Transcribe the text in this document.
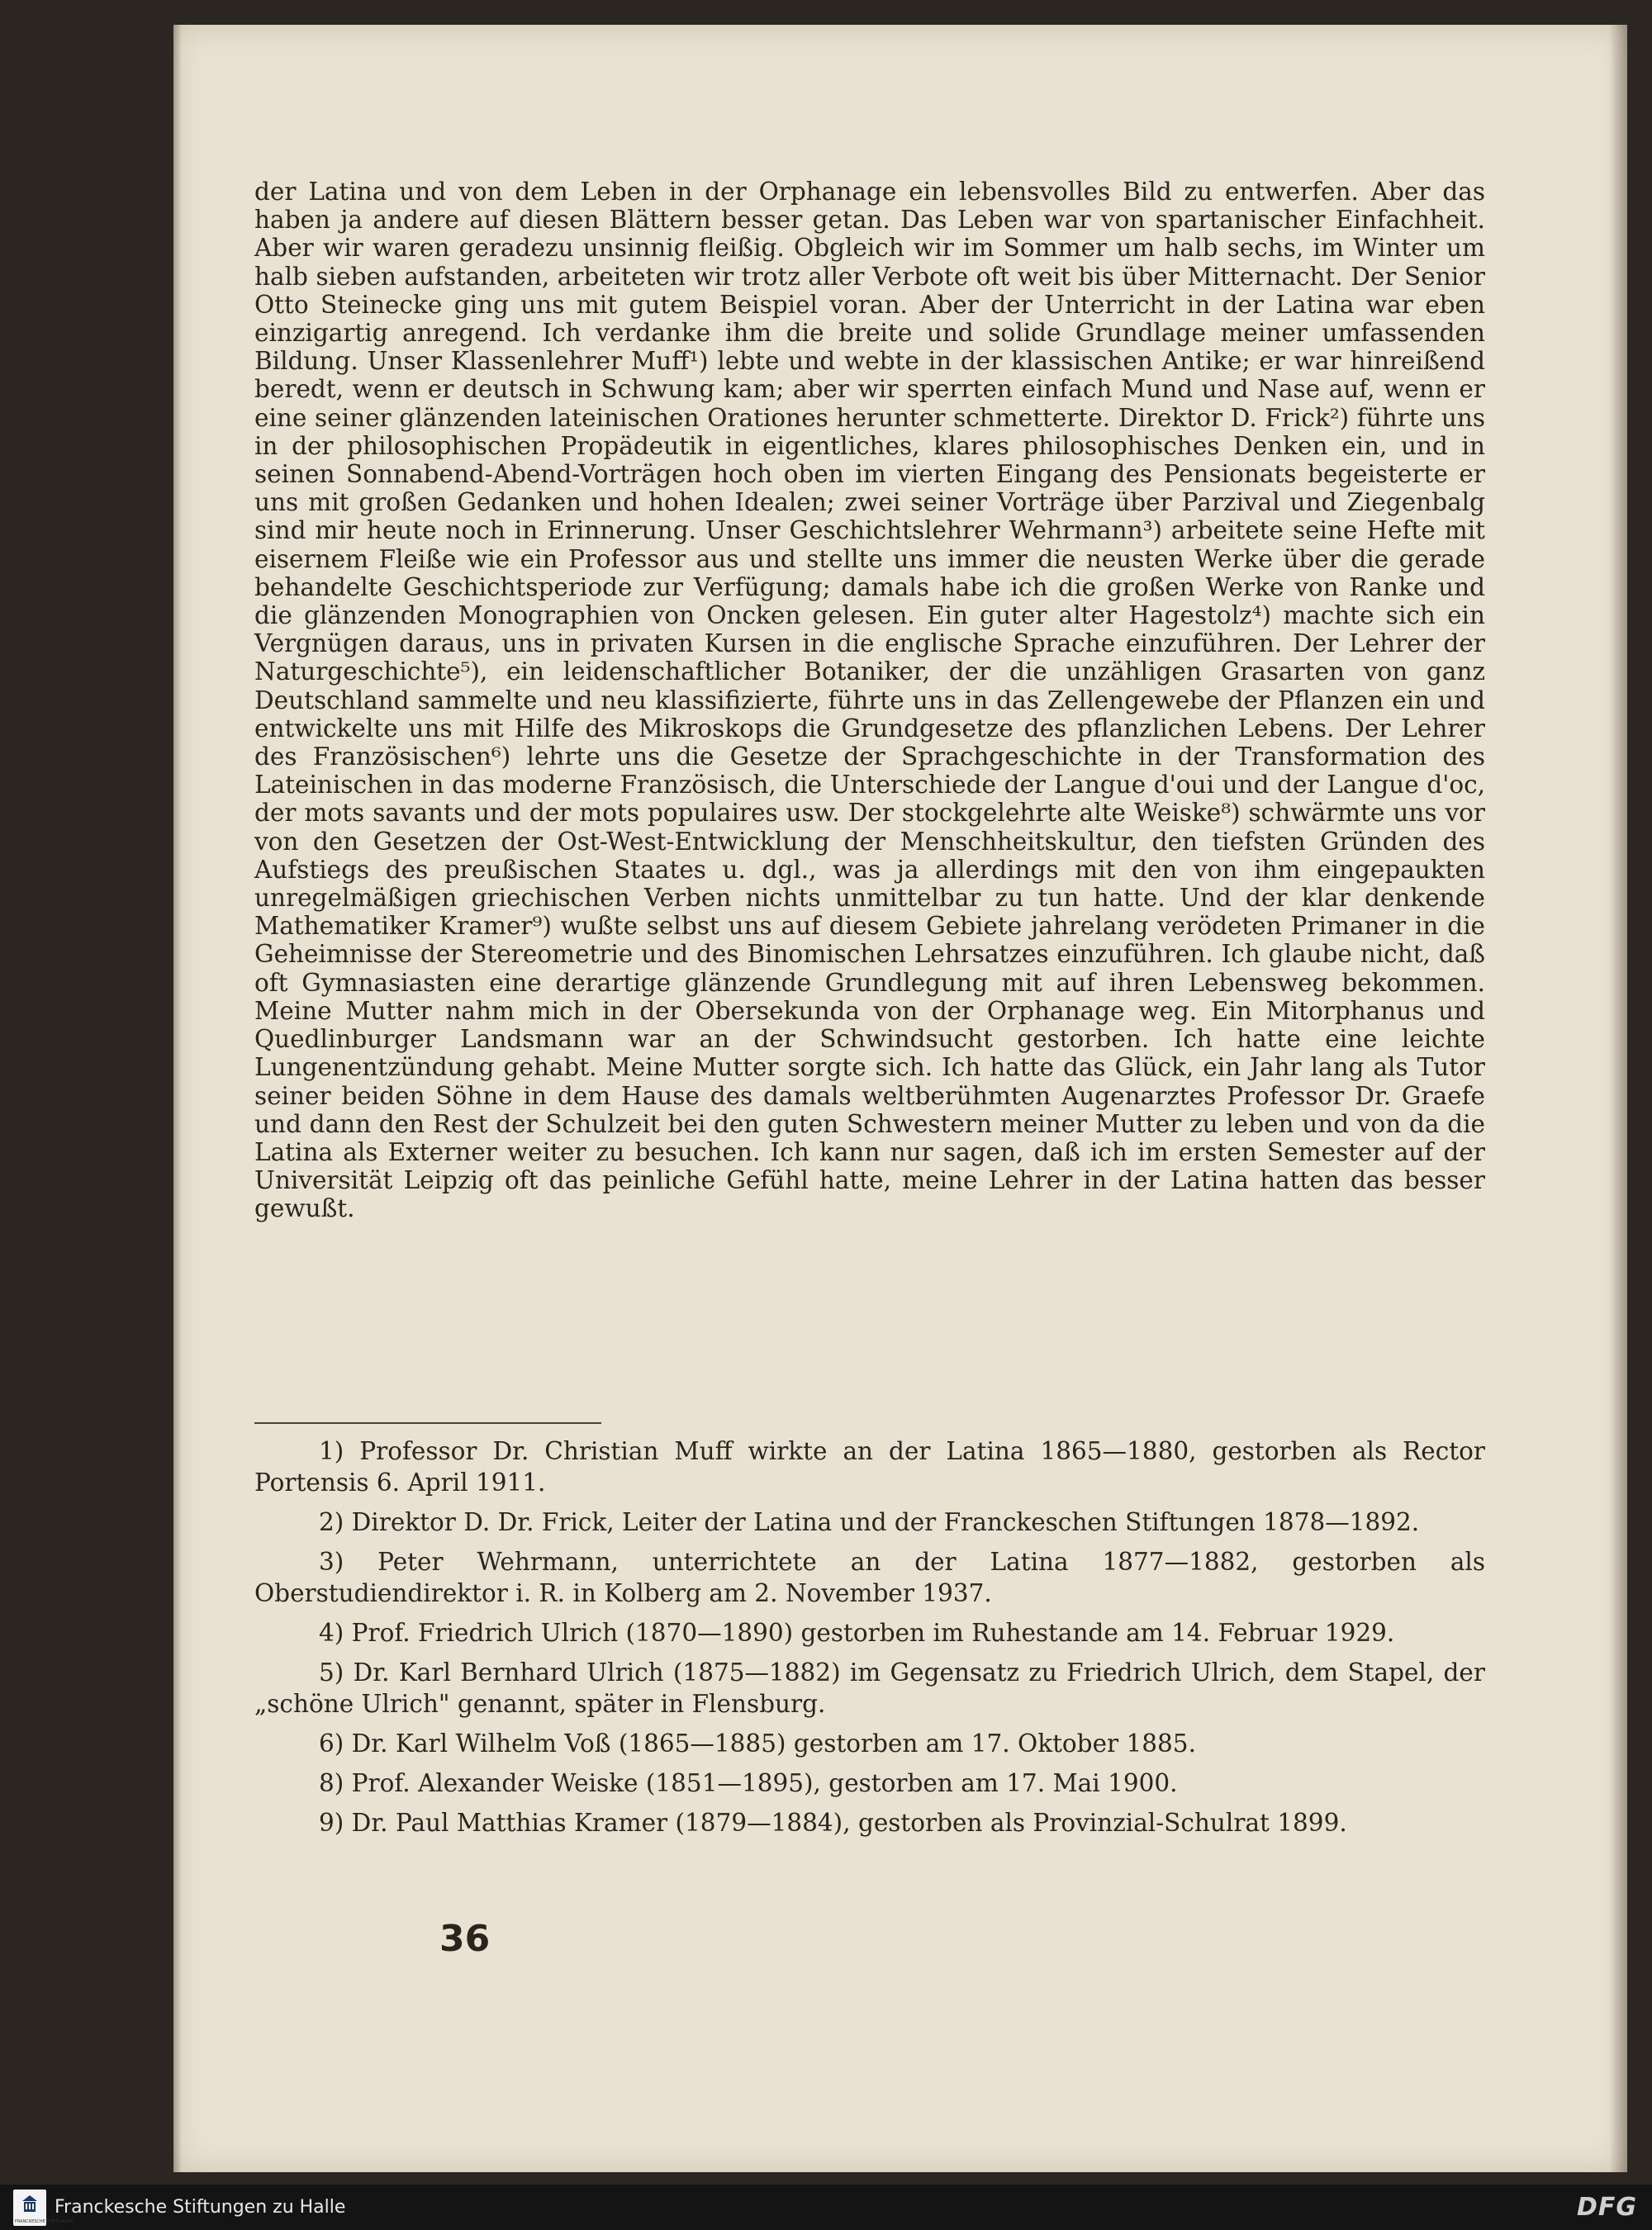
der Latina und von dem Leben in der Orphanage ein lebensvolles Bild zu entwerfen. Aber das haben ja andere auf diesen Blättern besser getan. Das Leben war von spartanischer Einfachheit. Aber wir waren geradezu unsinnig fleißig. Obgleich wir im Sommer um halb sechs, im Winter um halb sieben aufstanden, arbeiteten wir trotz aller Verbote oft weit bis über Mitternacht. Der Senior Otto Steinecke ging uns mit gutem Beispiel voran. Aber der Unterricht in der Latina war eben einzigartig anregend. Ich verdanke ihm die breite und solide Grundlage meiner umfassenden Bildung. Unser Klassenlehrer Muff¹) lebte und webte in der klassischen Antike; er war hinreißend beredt, wenn er deutsch in Schwung kam; aber wir sperrten einfach Mund und Nase auf, wenn er eine seiner glänzenden lateinischen Orationes herunter schmetterte. Direktor D. Frick²) führte uns in der philosophischen Propädeutik in eigentliches, klares philosophisches Denken ein, und in seinen Sonnabend-Abend-Vorträgen hoch oben im vierten Eingang des Pensionats begeisterte er uns mit großen Gedanken und hohen Idealen; zwei seiner Vorträge über Parzival und Ziegenbalg sind mir heute noch in Erinnerung. Unser Geschichtslehrer Wehrmann³) arbeitete seine Hefte mit eisernem Fleiße wie ein Professor aus und stellte uns immer die neusten Werke über die gerade behandelte Geschichtsperiode zur Verfügung; damals habe ich die großen Werke von Ranke und die glänzenden Monographien von Oncken gelesen. Ein guter alter Hagestolz⁴) machte sich ein Vergnügen daraus, uns in privaten Kursen in die englische Sprache einzuführen. Der Lehrer der Naturgeschichte⁵), ein leidenschaftlicher Botaniker, der die unzähligen Grasarten von ganz Deutschland sammelte und neu klassifizierte, führte uns in das Zellengewebe der Pflanzen ein und entwickelte uns mit Hilfe des Mikroskops die Grundgesetze des pflanzlichen Lebens. Der Lehrer des Französischen⁶) lehrte uns die Gesetze der Sprachgeschichte in der Transformation des Lateinischen in das moderne Französisch, die Unterschiede der Langue d'oui und der Langue d'oc, der mots savants und der mots populaires usw. Der stockgelehrte alte Weiske⁸) schwärmte uns vor von den Gesetzen der Ost-West-Entwicklung der Menschheitskultur, den tiefsten Gründen des Aufstiegs des preußischen Staates u. dgl., was ja allerdings mit den von ihm eingepaukten unregelmäßigen griechischen Verben nichts unmittelbar zu tun hatte. Und der klar denkende Mathematiker Kramer⁹) wußte selbst uns auf diesem Gebiete jahrelang verödeten Primaner in die Geheimnisse der Stereometrie und des Binomischen Lehrsatzes einzuführen. Ich glaube nicht, daß oft Gymnasiasten eine derartige glänzende Grundlegung mit auf ihren Lebensweg bekommen. Meine Mutter nahm mich in der Obersekunda von der Orphanage weg. Ein Mitorphanus und Quedlinburger Landsmann war an der Schwindsucht gestorben. Ich hatte eine leichte Lungenentzündung gehabt. Meine Mutter sorgte sich. Ich hatte das Glück, ein Jahr lang als Tutor seiner beiden Söhne in dem Hause des damals weltberühmten Augenarztes Professor Dr. Graefe und dann den Rest der Schulzeit bei den guten Schwestern meiner Mutter zu leben und von da die Latina als Externer weiter zu besuchen. Ich kann nur sagen, daß ich im ersten Semester auf der Universität Leipzig oft das peinliche Gefühl hatte, meine Lehrer in der Latina hatten das besser gewußt.

1) Professor Dr. Christian Muff wirkte an der Latina 1865—1880, gestorben als Rector Portensis 6. April 1911.

2) Direktor D. Dr. Frick, Leiter der Latina und der Franckeschen Stiftungen 1878—1892.

3) Peter Wehrmann, unterrichtete an der Latina 1877—1882, gestorben als Oberstudiendirektor i. R. in Kolberg am 2. November 1937.

4) Prof. Friedrich Ulrich (1870—1890) gestorben im Ruhestande am 14. Februar 1929.

5) Dr. Karl Bernhard Ulrich (1875—1882) im Gegensatz zu Friedrich Ulrich, dem Stapel, der „schöne Ulrich" genannt, später in Flensburg.

6) Dr. Karl Wilhelm Voß (1865—1885) gestorben am 17. Oktober 1885.

8) Prof. Alexander Weiske (1851—1895), gestorben am 17. Mai 1900.

9) Dr. Paul Matthias Kramer (1879—1884), gestorben als Provinzial-Schulrat 1899.

36
FRANCKESCHE STIFTUNGEN
Franckesche Stiftungen zu Halle	DFG
